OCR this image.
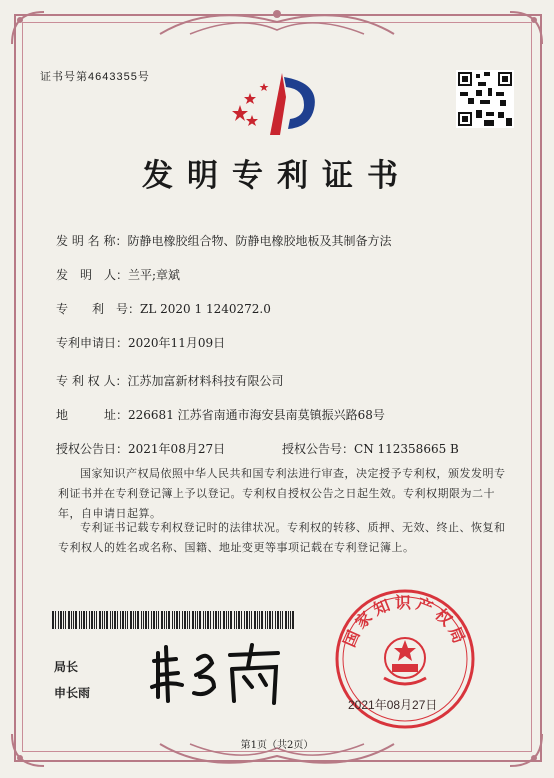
证书号第4643355号
发明专利证书
发 明 名 称：防静电橡胶组合物、防静电橡胶地板及其制备方法
发　明　人：兰平;章斌
专　　利　号：ZL 2020 1 1240272.0
专利申请日：2020年11月09日
专 利 权 人：江苏加富新材料科技有限公司
地　　　址：226681 江苏省南通市海安县南莫镇振兴路68号
授权公告日：2021年08月27日	授权公告号：CN 112358665 B
国家知识产权局依照中华人民共和国专利法进行审查，决定授予专利权，颁发发明专利证书并在专利登记簿上予以登记。专利权自授权公告之日起生效。专利权期限为二十年，自申请日起算。
专利证书记载专利权登记时的法律状况。专利权的转移、质押、无效、终止、恢复和专利权人的姓名或名称、国籍、地址变更等事项记载在专利登记簿上。
局长
申长雨
国家知识产权局
2021年08月27日
第1页（共2页）
